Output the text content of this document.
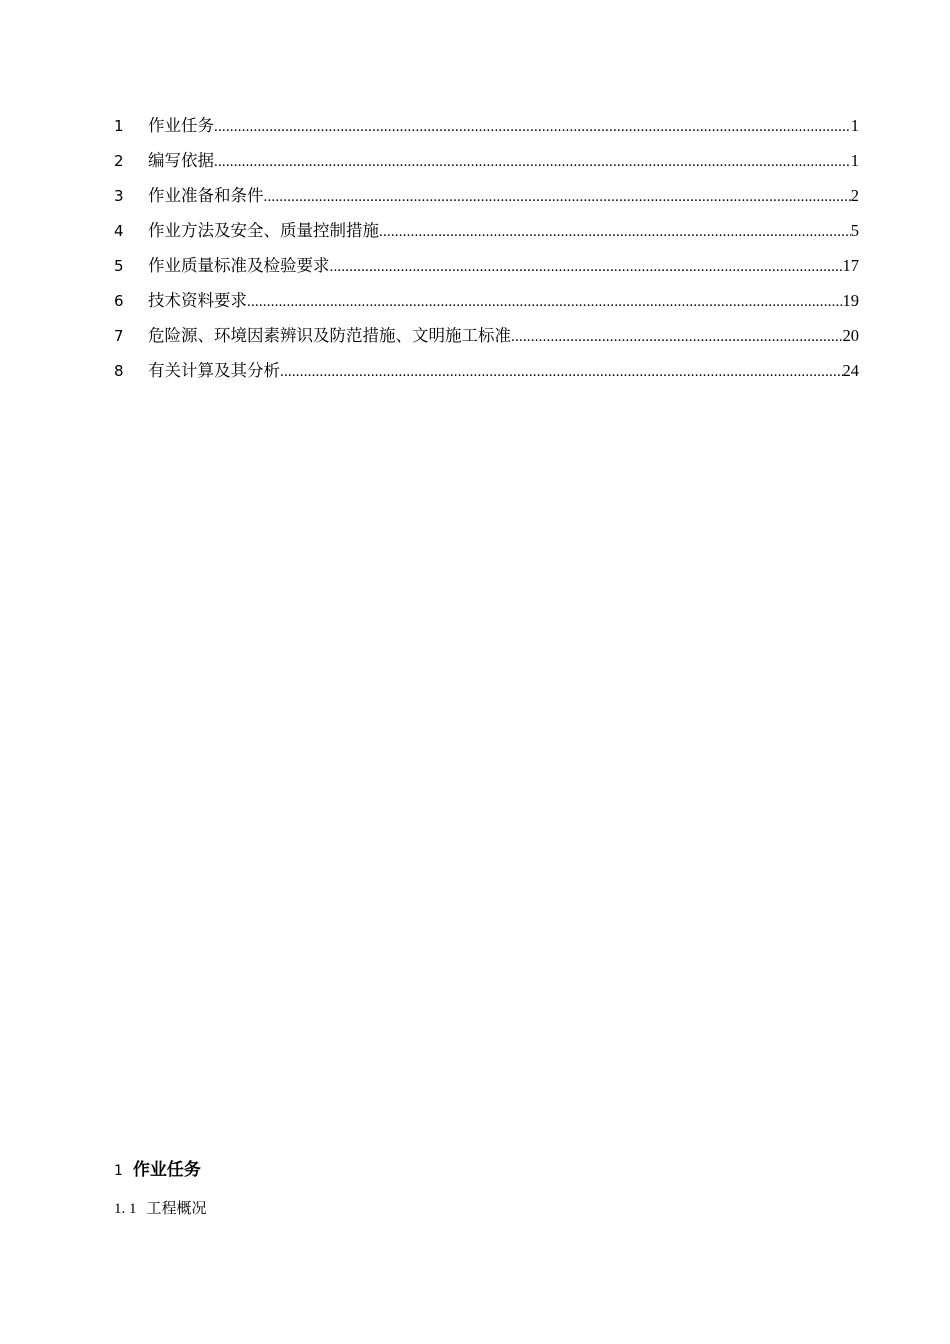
1	作业任务 .....	1
2	编写依据 .....	1
3	作业准备和条件 .....	2
4	作业方法及安全、质量控制措施 .....	5
5	作业质量标准及检验要求 .....	17
6	技术资料要求 .....	19
7	危险源、环境因素辨识及防范措施、文明施工标准 .....	20
8	有关计算及其分析 .....	24
1 作业任务
1. 1 工程概况
